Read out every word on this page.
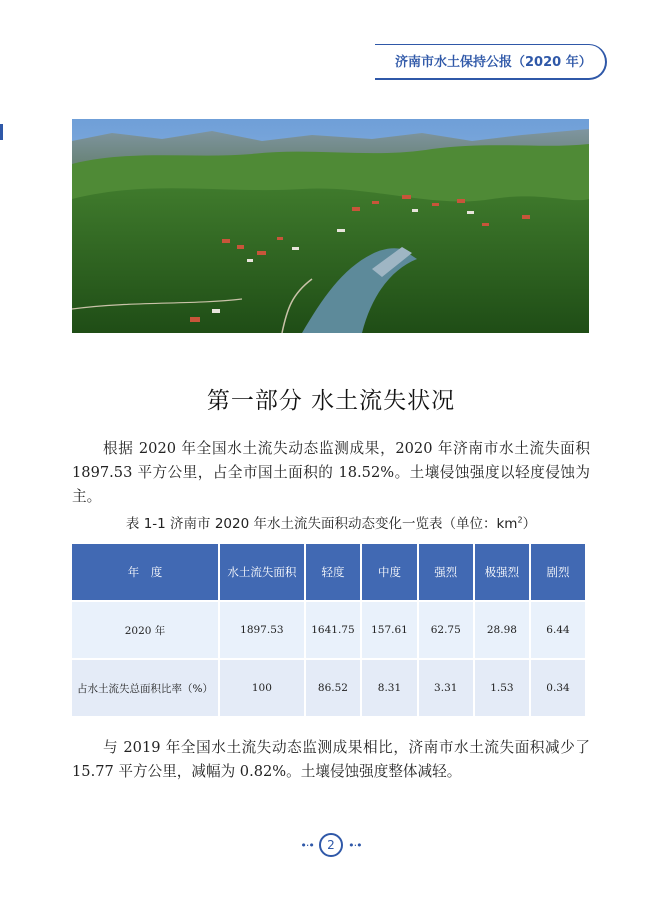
济南市水土保持公报（2020 年）
第一部分 水土流失状况
根据 2020 年全国水土流失动态监测成果，2020 年济南市水土流失面积 1897.53 平方公里，占全市国土面积的 18.52%。土壤侵蚀强度以轻度侵蚀为主。
表 1-1 济南市 2020 年水土流失面积动态变化一览表（单位：$km^2$）
年　度	水土流失面积	轻度	中度	强烈	极强烈	剧烈
2020 年	1897.53	1641.75	157.61	62.75	28.98	6.44
占水土流失总面积比率（%）	100	86.52	8.31	3.31	1.53	0.34
与 2019 年全国水土流失动态监测成果相比，济南市水土流失面积减少了 15.77 平方公里，减幅为 0.82%。土壤侵蚀强度整体减轻。
•·• 2 •·•
